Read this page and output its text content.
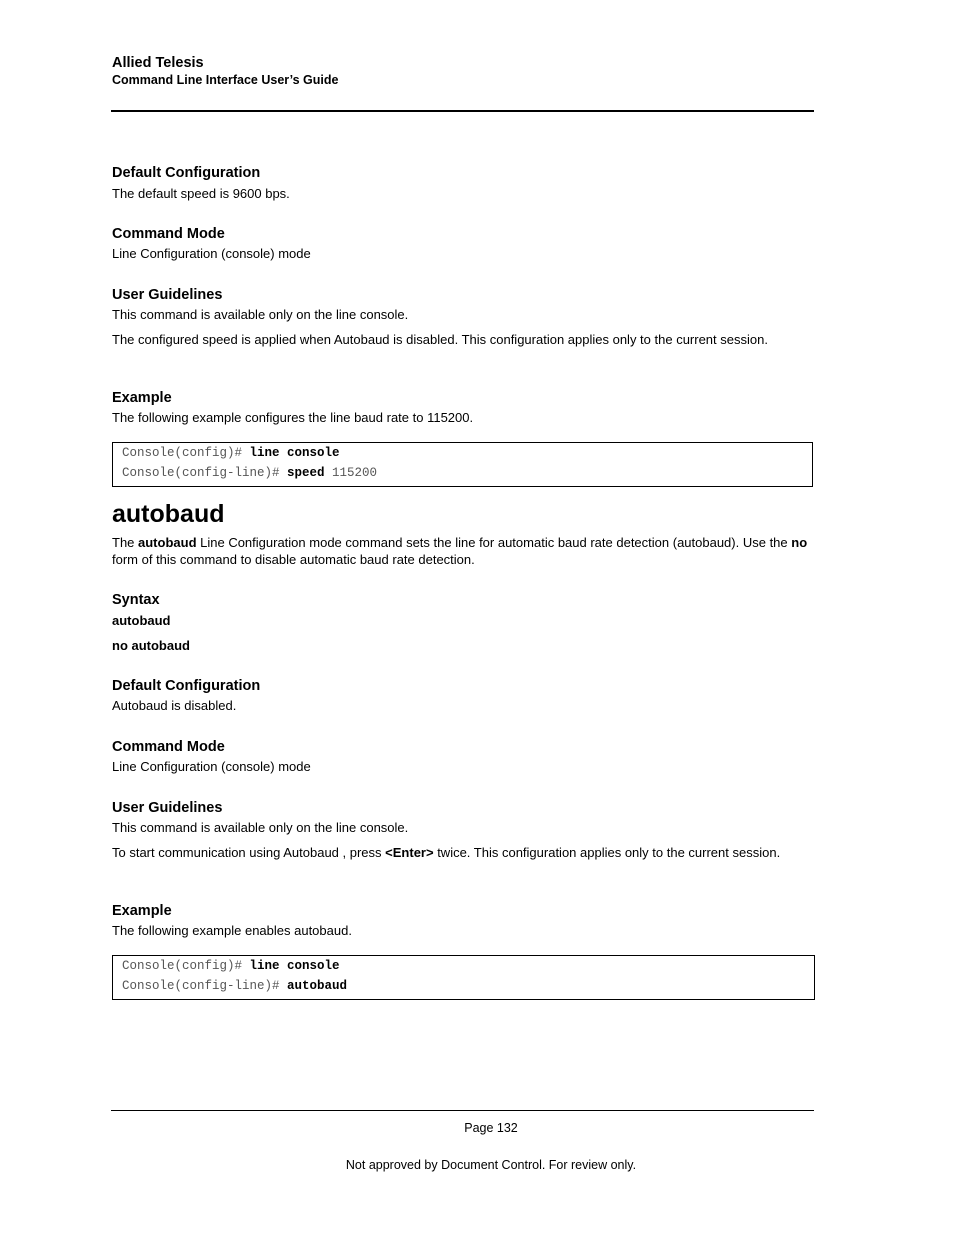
Allied Telesis
Command Line Interface User’s Guide
Default Configuration
The default speed is 9600 bps.
Command Mode
Line Configuration (console) mode
User Guidelines
This command is available only on the line console.
The configured speed is applied when Autobaud is disabled. This configuration applies only to the current session.
Example
The following example configures the line baud rate to 115200.
Console(config)# line console
Console(config-line)# speed 115200
autobaud
The autobaud Line Configuration mode command sets the line for automatic baud rate detection (autobaud). Use the no form of this command to disable automatic baud rate detection.
Syntax
autobaud
no autobaud
Default Configuration
Autobaud is disabled.
Command Mode
Line Configuration (console) mode
User Guidelines
This command is available only on the line console.
To start communication using Autobaud , press <Enter> twice. This configuration applies only to the current session.
Example
The following example enables autobaud.
Console(config)# line console
Console(config-line)# autobaud
Page 132
Not approved by Document Control. For review only.
